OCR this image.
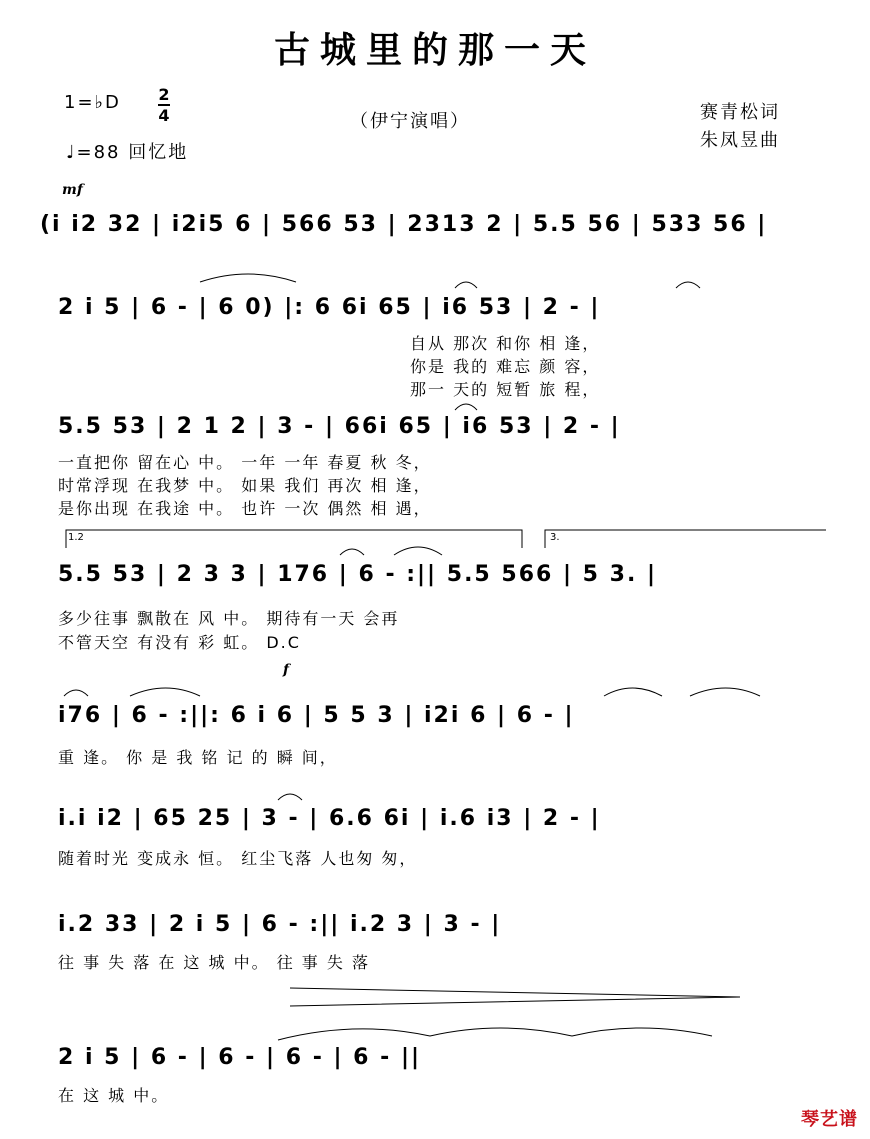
古城里的那一天
1=♭D 2
4
♩=88 回忆地
（伊宁演唱）	赛青松词
朱凤昱曲
mf
f
(i i2 32 | i2i5 6 | 566 53 | 2313 2 | 5.5 56 | 533 56 |
2 i 5 | 6 - | 6 0) |: 6 6i 65 | i6 53 | 2 - |
自从 那次 和你 相 逢，
你是 我的 难忘 颜 容，
那一 天的 短暂 旅 程，
5.5 53 | 2 1 2 | 3 - | 66i 65 | i6 53 | 2 - |
一直把你 留在心 中。 一年 一年 春夏 秋 冬，
时常浮现 在我梦 中。 如果 我们 再次 相 逢，
是你出现 在我途 中。 也许 一次 偶然 相 遇，
1.2	3.
5.5 53 | 2 3 3 | 176 | 6 - :|| 5.5 566 | 5 3. |
多少往事 飘散在 风 中。 期待有一天 会再
不管天空 有没有 彩 虹。 D.C
i76 | 6 - :||: 6 i 6 | 5 5 3 | i2i 6 | 6 - |
重 逢。 你 是 我 铭 记 的 瞬 间，
i.i i2 | 65 25 | 3 - | 6.6 6i | i.6 i3 | 2 - |
随着时光 变成永 恒。 红尘飞落 人也匆 匆，
i.2 33 | 2 i 5 | 6 - :|| i.2 3 | 3 - |
往 事 失 落 在 这 城 中。 往 事 失 落
2 i 5 | 6 - | 6 - | 6 - | 6 - ||
在 这 城 中。
琴艺谱
